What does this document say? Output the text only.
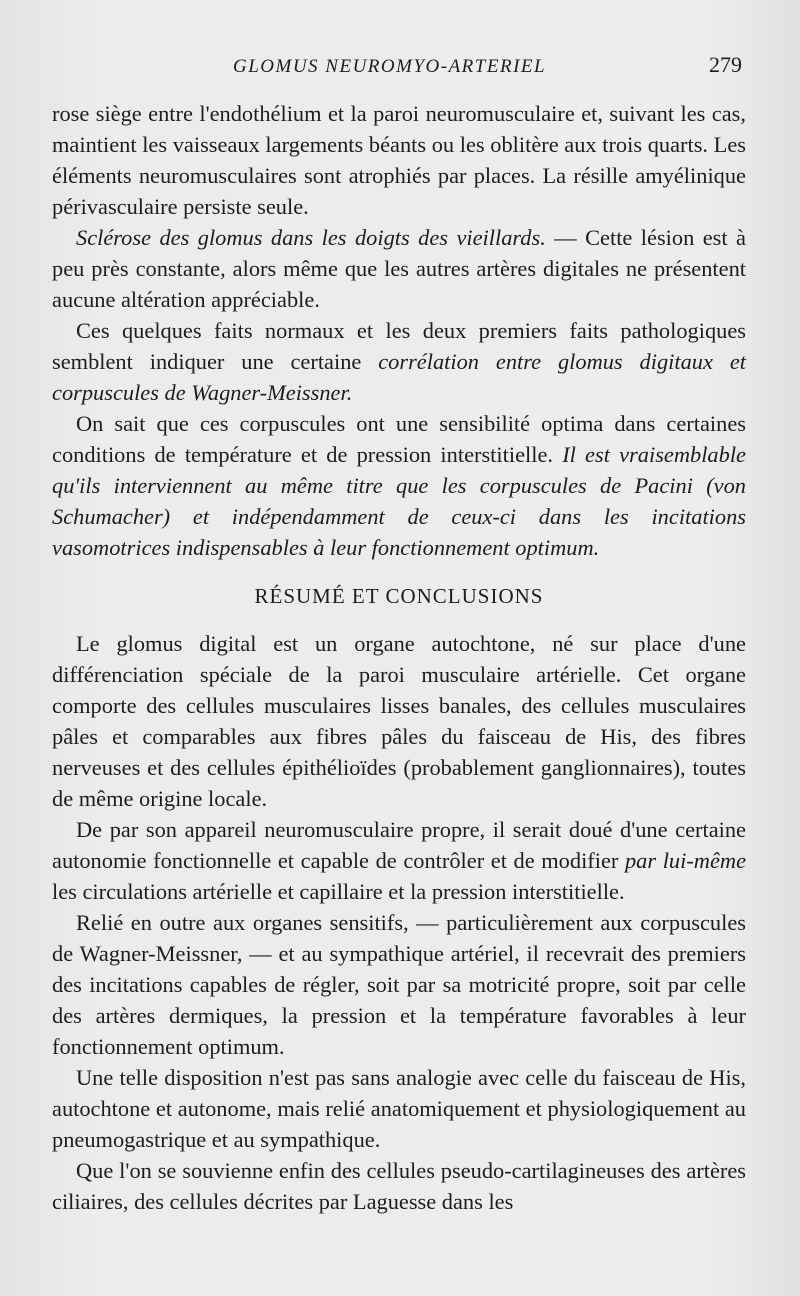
GLOMUS NEUROMYO-ARTERIEL	279

rose siège entre l'endothélium et la paroi neuromusculaire et, suivant les cas, maintient les vaisseaux largements béants ou les oblitère aux trois quarts. Les éléments neuromusculaires sont atrophiés par places. La résille amyélinique périvasculaire persiste seule.

Sclérose des glomus dans les doigts des vieillards. — Cette lésion est à peu près constante, alors même que les autres artères digitales ne présentent aucune altération appréciable.

Ces quelques faits normaux et les deux premiers faits pathologiques semblent indiquer une certaine corrélation entre glomus digitaux et corpuscules de Wagner-Meissner.

On sait que ces corpuscules ont une sensibilité optima dans certaines conditions de température et de pression interstitielle. Il est vraisemblable qu'ils interviennent au même titre que les corpuscules de Pacini (von Schumacher) et indépendamment de ceux-ci dans les incitations vasomotrices indispensables à leur fonctionnement optimum.

RÉSUMÉ ET CONCLUSIONS

Le glomus digital est un organe autochtone, né sur place d'une différenciation spéciale de la paroi musculaire artérielle. Cet organe comporte des cellules musculaires lisses banales, des cellules musculaires pâles et comparables aux fibres pâles du faisceau de His, des fibres nerveuses et des cellules épithélioïdes (probablement ganglionnaires), toutes de même origine locale.

De par son appareil neuromusculaire propre, il serait doué d'une certaine autonomie fonctionnelle et capable de contrôler et de modifier par lui-même les circulations artérielle et capillaire et la pression interstitielle.

Relié en outre aux organes sensitifs, — particulièrement aux corpuscules de Wagner-Meissner, — et au sympathique artériel, il recevrait des premiers des incitations capables de régler, soit par sa motricité propre, soit par celle des artères dermiques, la pression et la température favorables à leur fonctionnement optimum.

Une telle disposition n'est pas sans analogie avec celle du faisceau de His, autochtone et autonome, mais relié anatomiquement et physiologiquement au pneumogastrique et au sympathique.

Que l'on se souvienne enfin des cellules pseudo-cartilagineuses des artères ciliaires, des cellules décrites par Laguesse dans les
